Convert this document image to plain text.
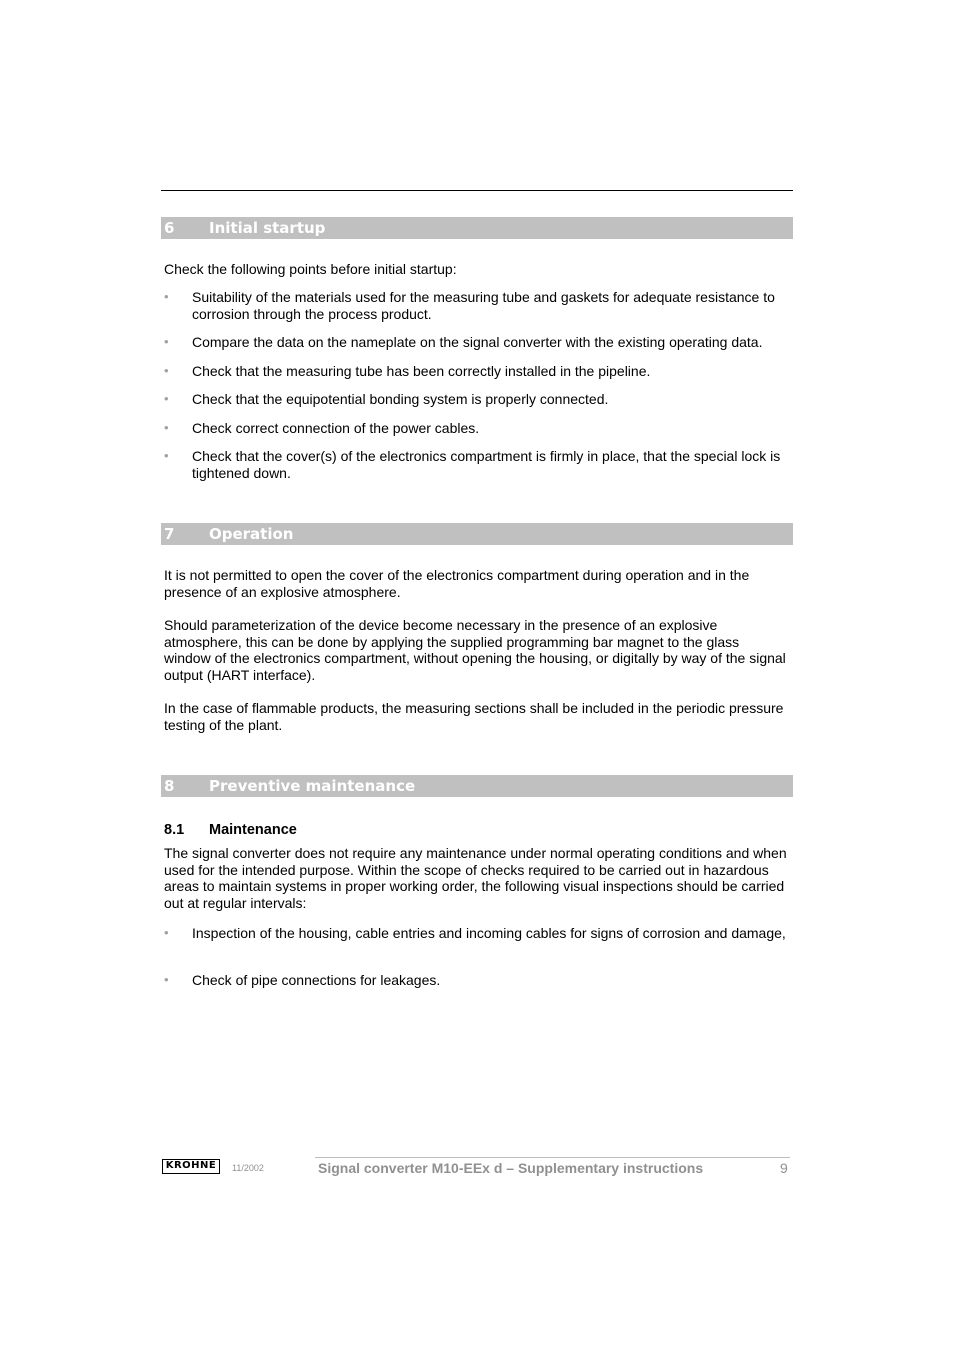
6 Initial startup

Check the following points before initial startup:

• Suitability of the materials used for the measuring tube and gaskets for adequate resistance to corrosion through the process product.
• Compare the data on the nameplate on the signal converter with the existing operating data.
• Check that the measuring tube has been correctly installed in the pipeline.
• Check that the equipotential bonding system is properly connected.
• Check correct connection of the power cables.
• Check that the cover(s) of the electronics compartment is firmly in place, that the special lock is tightened down.
7 Operation

It is not permitted to open the cover of the electronics compartment during operation and in the presence of an explosive atmosphere.

Should parameterization of the device become necessary in the presence of an explosive atmosphere, this can be done by applying the supplied programming bar magnet to the glass window of the electronics compartment, without opening the housing, or digitally by way of the signal output (HART interface).

In the case of flammable products, the measuring sections shall be included in the periodic pressure testing of the plant.

8 Preventive maintenance
8.1 Maintenance

The signal converter does not require any maintenance under normal operating conditions and when used for the intended purpose. Within the scope of checks required to be carried out in hazardous areas to maintain systems in proper working order, the following visual inspections should be carried out at regular intervals:

• Inspection of the housing, cable entries and incoming cables for signs of corrosion and damage,
• Check of pipe connections for leakages.
KROHNE	11/2002	Signal converter M10-EEx d – Supplementary instructions	9
